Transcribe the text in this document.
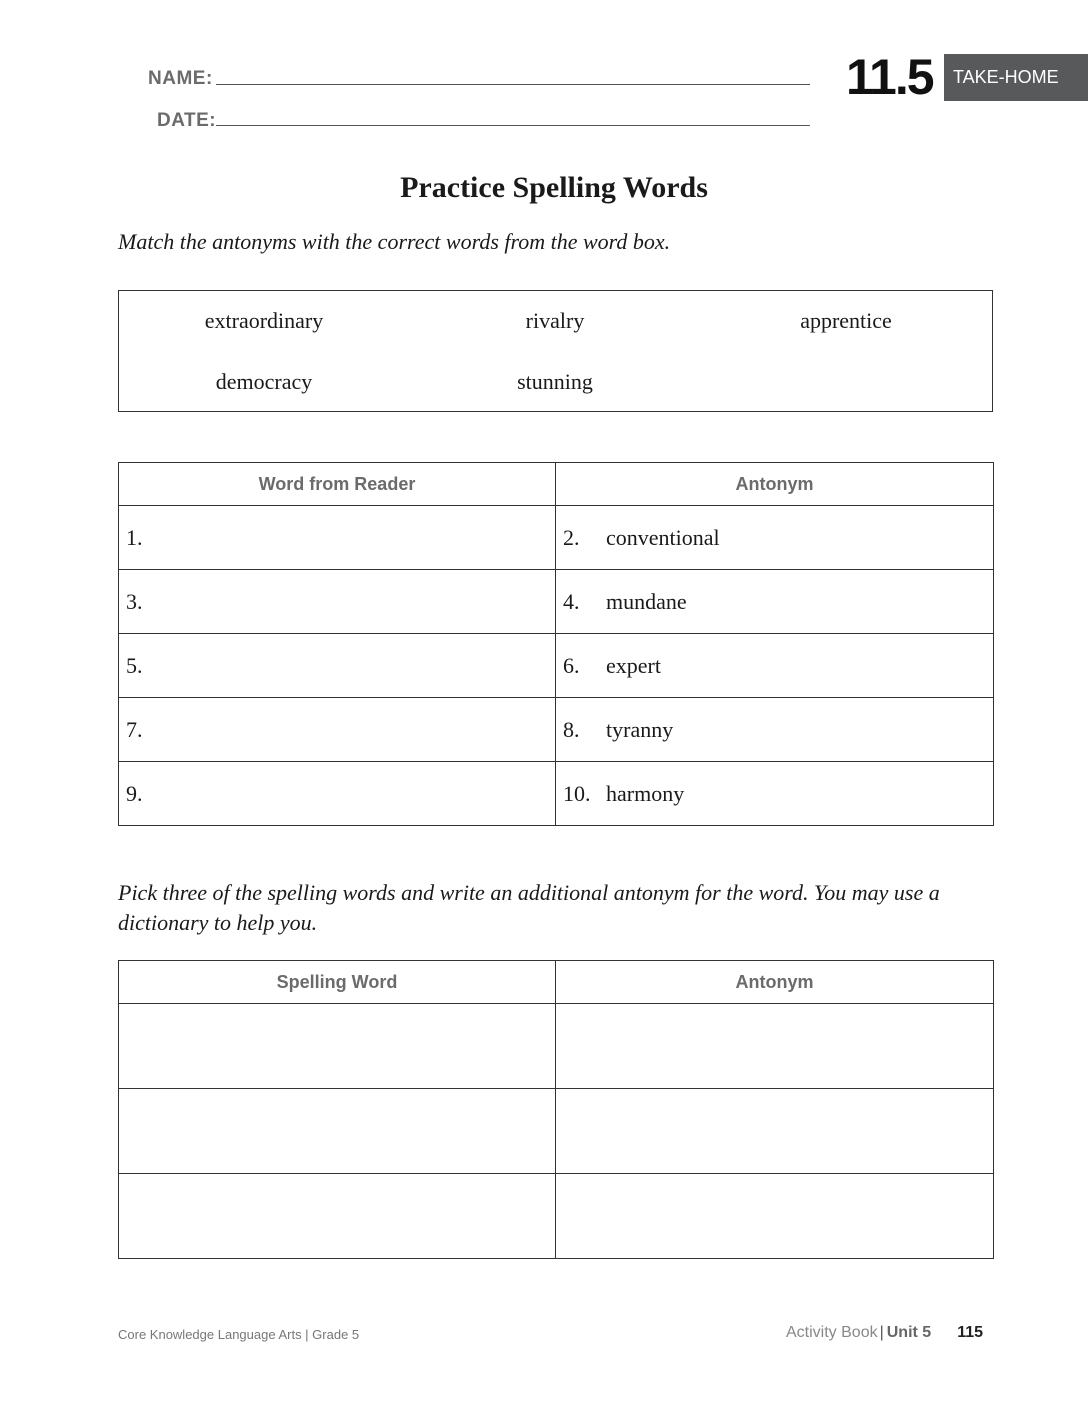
NAME:
DATE:
11.5	TAKE-HOME
Practice Spelling Words
Match the antonyms with the correct words from the word box.
extraordinary	rivalry	apprentice
democracy	stunning
Word from Reader	Antonym
1.	2. conventional
3.	4. mundane
5.	6. expert
7.	8. tyranny
9.	10. harmony
Pick three of the spelling words and write an additional antonym for the word. You may use a dictionary to help you.
Spelling Word	Antonym

Core Knowledge Language Arts | Grade 5	Activity Book | Unit 5 115
